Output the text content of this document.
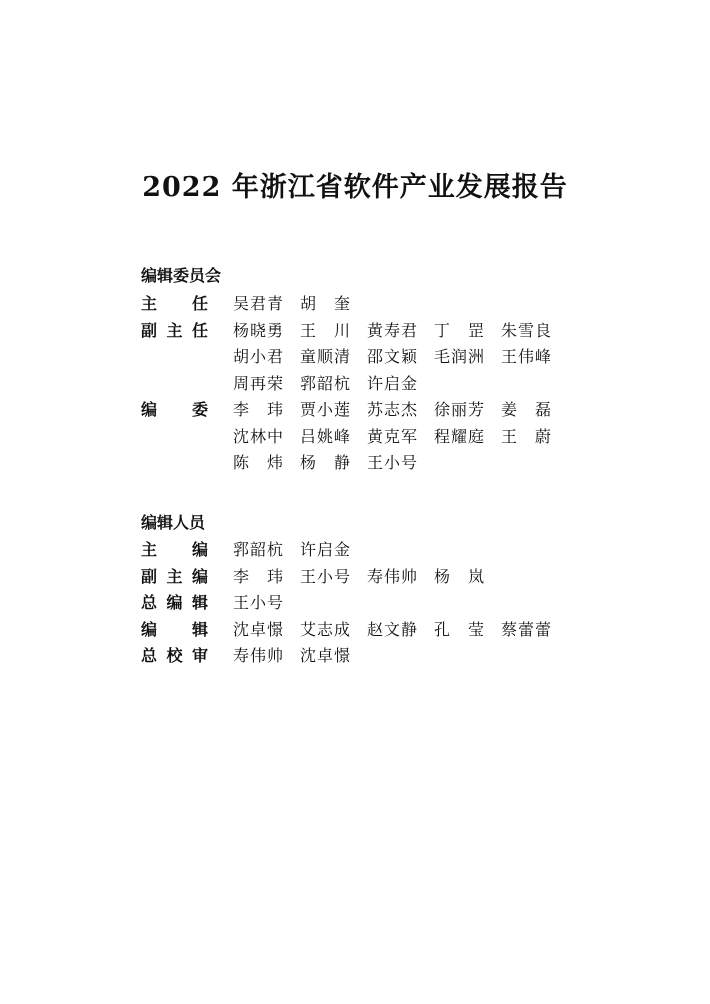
2022 年浙江省软件产业发展报告
编辑委员会
主 任 吴 君 青 胡 奎
副 主 任 杨 晓 勇 王 川 黄 寿 君 丁 罡 朱 雪 良
胡 小 君 童 顺 清 邵 文 颖 毛 润 洲 王 伟 峰
周 再 荣 郛 韶 杭 许 启 金
编 委 李 玮 贾 小 莲 苏 志 杰 徐 丽 芳 姜 磊
沈 林 中 吕 姚 峰 黄 克 军 程 耀 庭 王 蔚
陈 炜 杨 静 王 小 号
编辑人员
主 编 郛 韶 杭 许 启 金
副 主 编 李 玮 王 小 号 寿 伟 帅 杨 岚
总 编 辑 王 小 号
编 辑 沈 卓 憬 艾 志 成 赵 文 静 孔 莹 蔡 蕾 蕾
总 校 审 寿 伟 帅 沈 卓 憬
